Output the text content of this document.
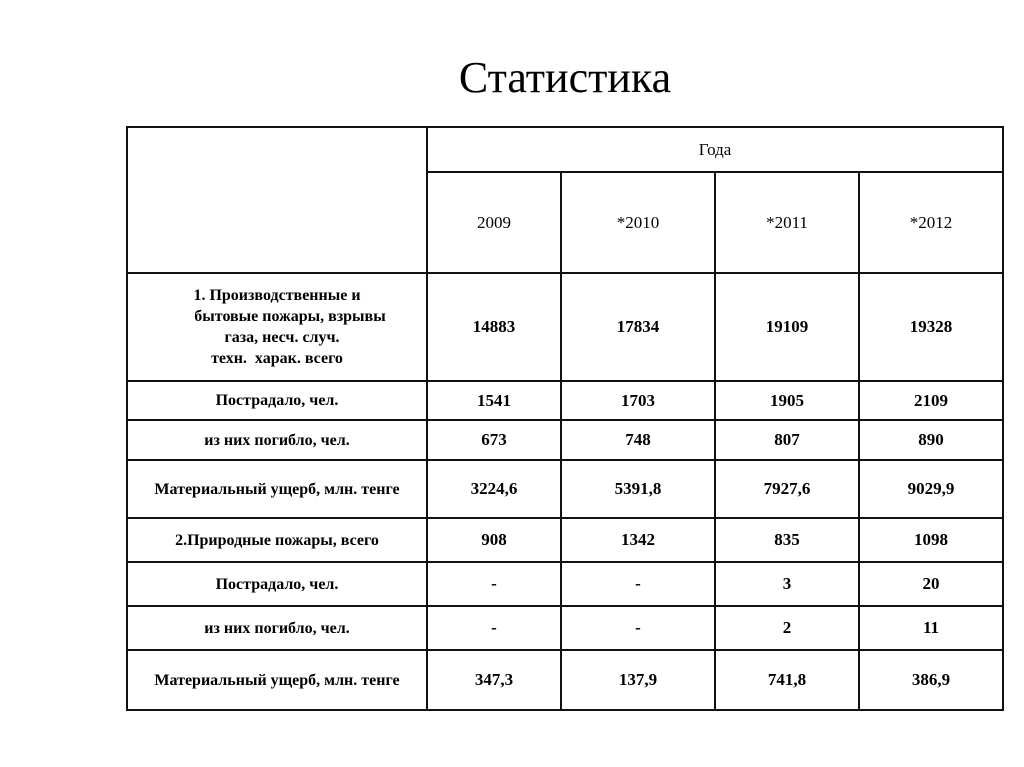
Статистика
	Года			
	2009	*2010	*2011	*2012

1. Производственные и
бытовые пожары, взрывы
газа, несч. случ.
техн.  харак. всего	14883	17834	19109	19328
Пострадало, чел.	1541	1703	1905	2109
из них погибло, чел.	673	748	807	890
Материальный ущерб, млн. тенге	3224,6	5391,8	7927,6	9029,9
2.Природные пожары, всего	908	1342	835	1098
Пострадало, чел.	-	-	3	20
из них погибло, чел.	-	-	2	11
Материальный ущерб, млн. тенге	347,3	137,9	741,8	386,9
